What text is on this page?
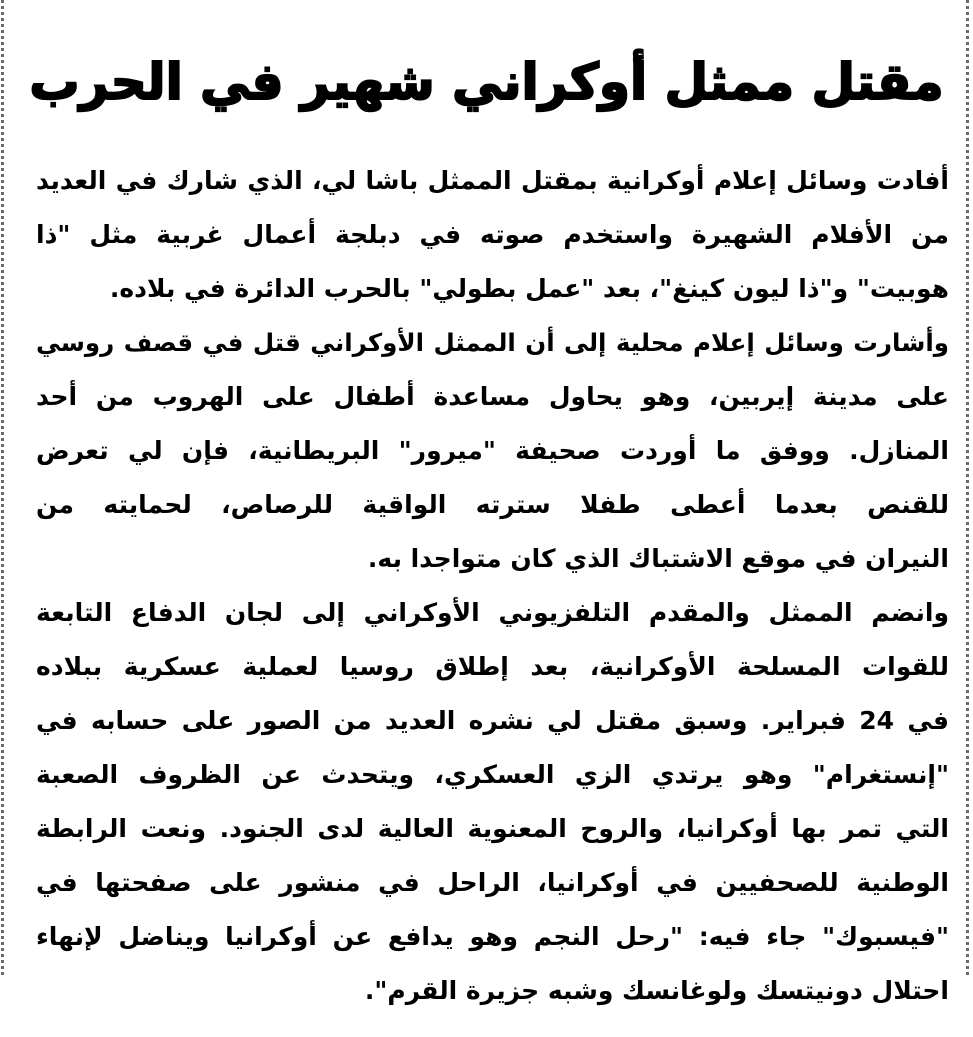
مقتل ممثل أوكراني شهير في الحرب
أفادت وسائل إعلام أوكرانية بمقتل الممثل باشا لي، الذي شارك في العديد
من الأفلام الشهيرة واستخدم صوته في دبلجة أعمال غربية مثل "ذا
هوبيت" و"ذا ليون كينغ"، بعد "عمل بطولي" بالحرب الدائرة في بلاده.
وأشارت وسائل إعلام محلية إلى أن الممثل الأوكراني قتل في قصف روسي
على مدينة إيربين، وهو يحاول مساعدة أطفال على الهروب من أحد
المنازل. ووفق ما أوردت صحيفة "ميرور" البريطانية، فإن لي تعرض
للقنص بعدما أعطى طفلا سترته الواقية للرصاص، لحمايته من
النيران في موقع الاشتباك الذي كان متواجدا به.
وانضم الممثل والمقدم التلفزيوني الأوكراني إلى لجان الدفاع التابعة
للقوات المسلحة الأوكرانية، بعد إطلاق روسيا لعملية عسكرية ببلاده
في 24 فبراير. وسبق مقتل لي نشره العديد من الصور على حسابه في
"إنستغرام" وهو يرتدي الزي العسكري، ويتحدث عن الظروف الصعبة
التي تمر بها أوكرانيا، والروح المعنوية العالية لدى الجنود. ونعت الرابطة
الوطنية للصحفيين في أوكرانيا، الراحل في منشور على صفحتها في
"فيسبوك" جاء فيه: "رحل النجم وهو يدافع عن أوكرانيا ويناضل لإنهاء
احتلال دونيتسك ولوغانسك وشبه جزيرة القرم".
